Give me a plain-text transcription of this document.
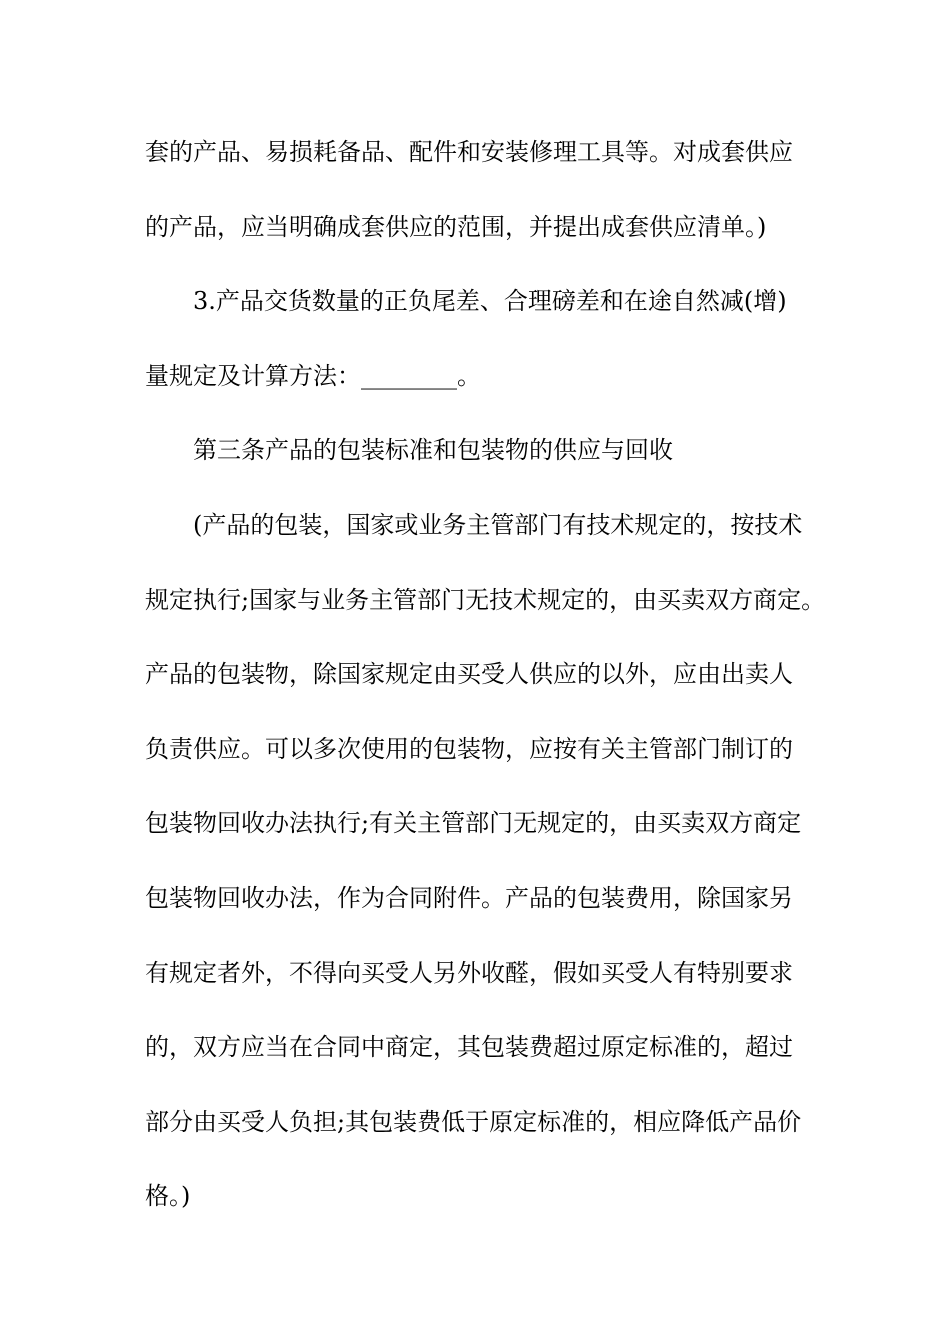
套的产品、易损耗备品、配件和安装修理工具等。对成套供应
的产品，应当明确成套供应的范围，并提出成套供应清单。)
3.产品交货数量的正负尾差、合理磅差和在途自然减(增)
量规定及计算方法：________。
第三条产品的包装标准和包装物的供应与回收
(产品的包装，国家或业务主管部门有技术规定的，按技术
规定执行;国家与业务主管部门无技术规定的，由买卖双方商定。
产品的包装物，除国家规定由买受人供应的以外，应由出卖人
负责供应。可以多次使用的包装物，应按有关主管部门制订的
包装物回收办法执行;有关主管部门无规定的，由买卖双方商定
包装物回收办法，作为合同附件。产品的包装费用，除国家另
有规定者外，不得向买受人另外收醛，假如买受人有特别要求
的，双方应当在合同中商定，其包装费超过原定标准的，超过
部分由买受人负担;其包装费低于原定标准的，相应降低产品价
格。)
